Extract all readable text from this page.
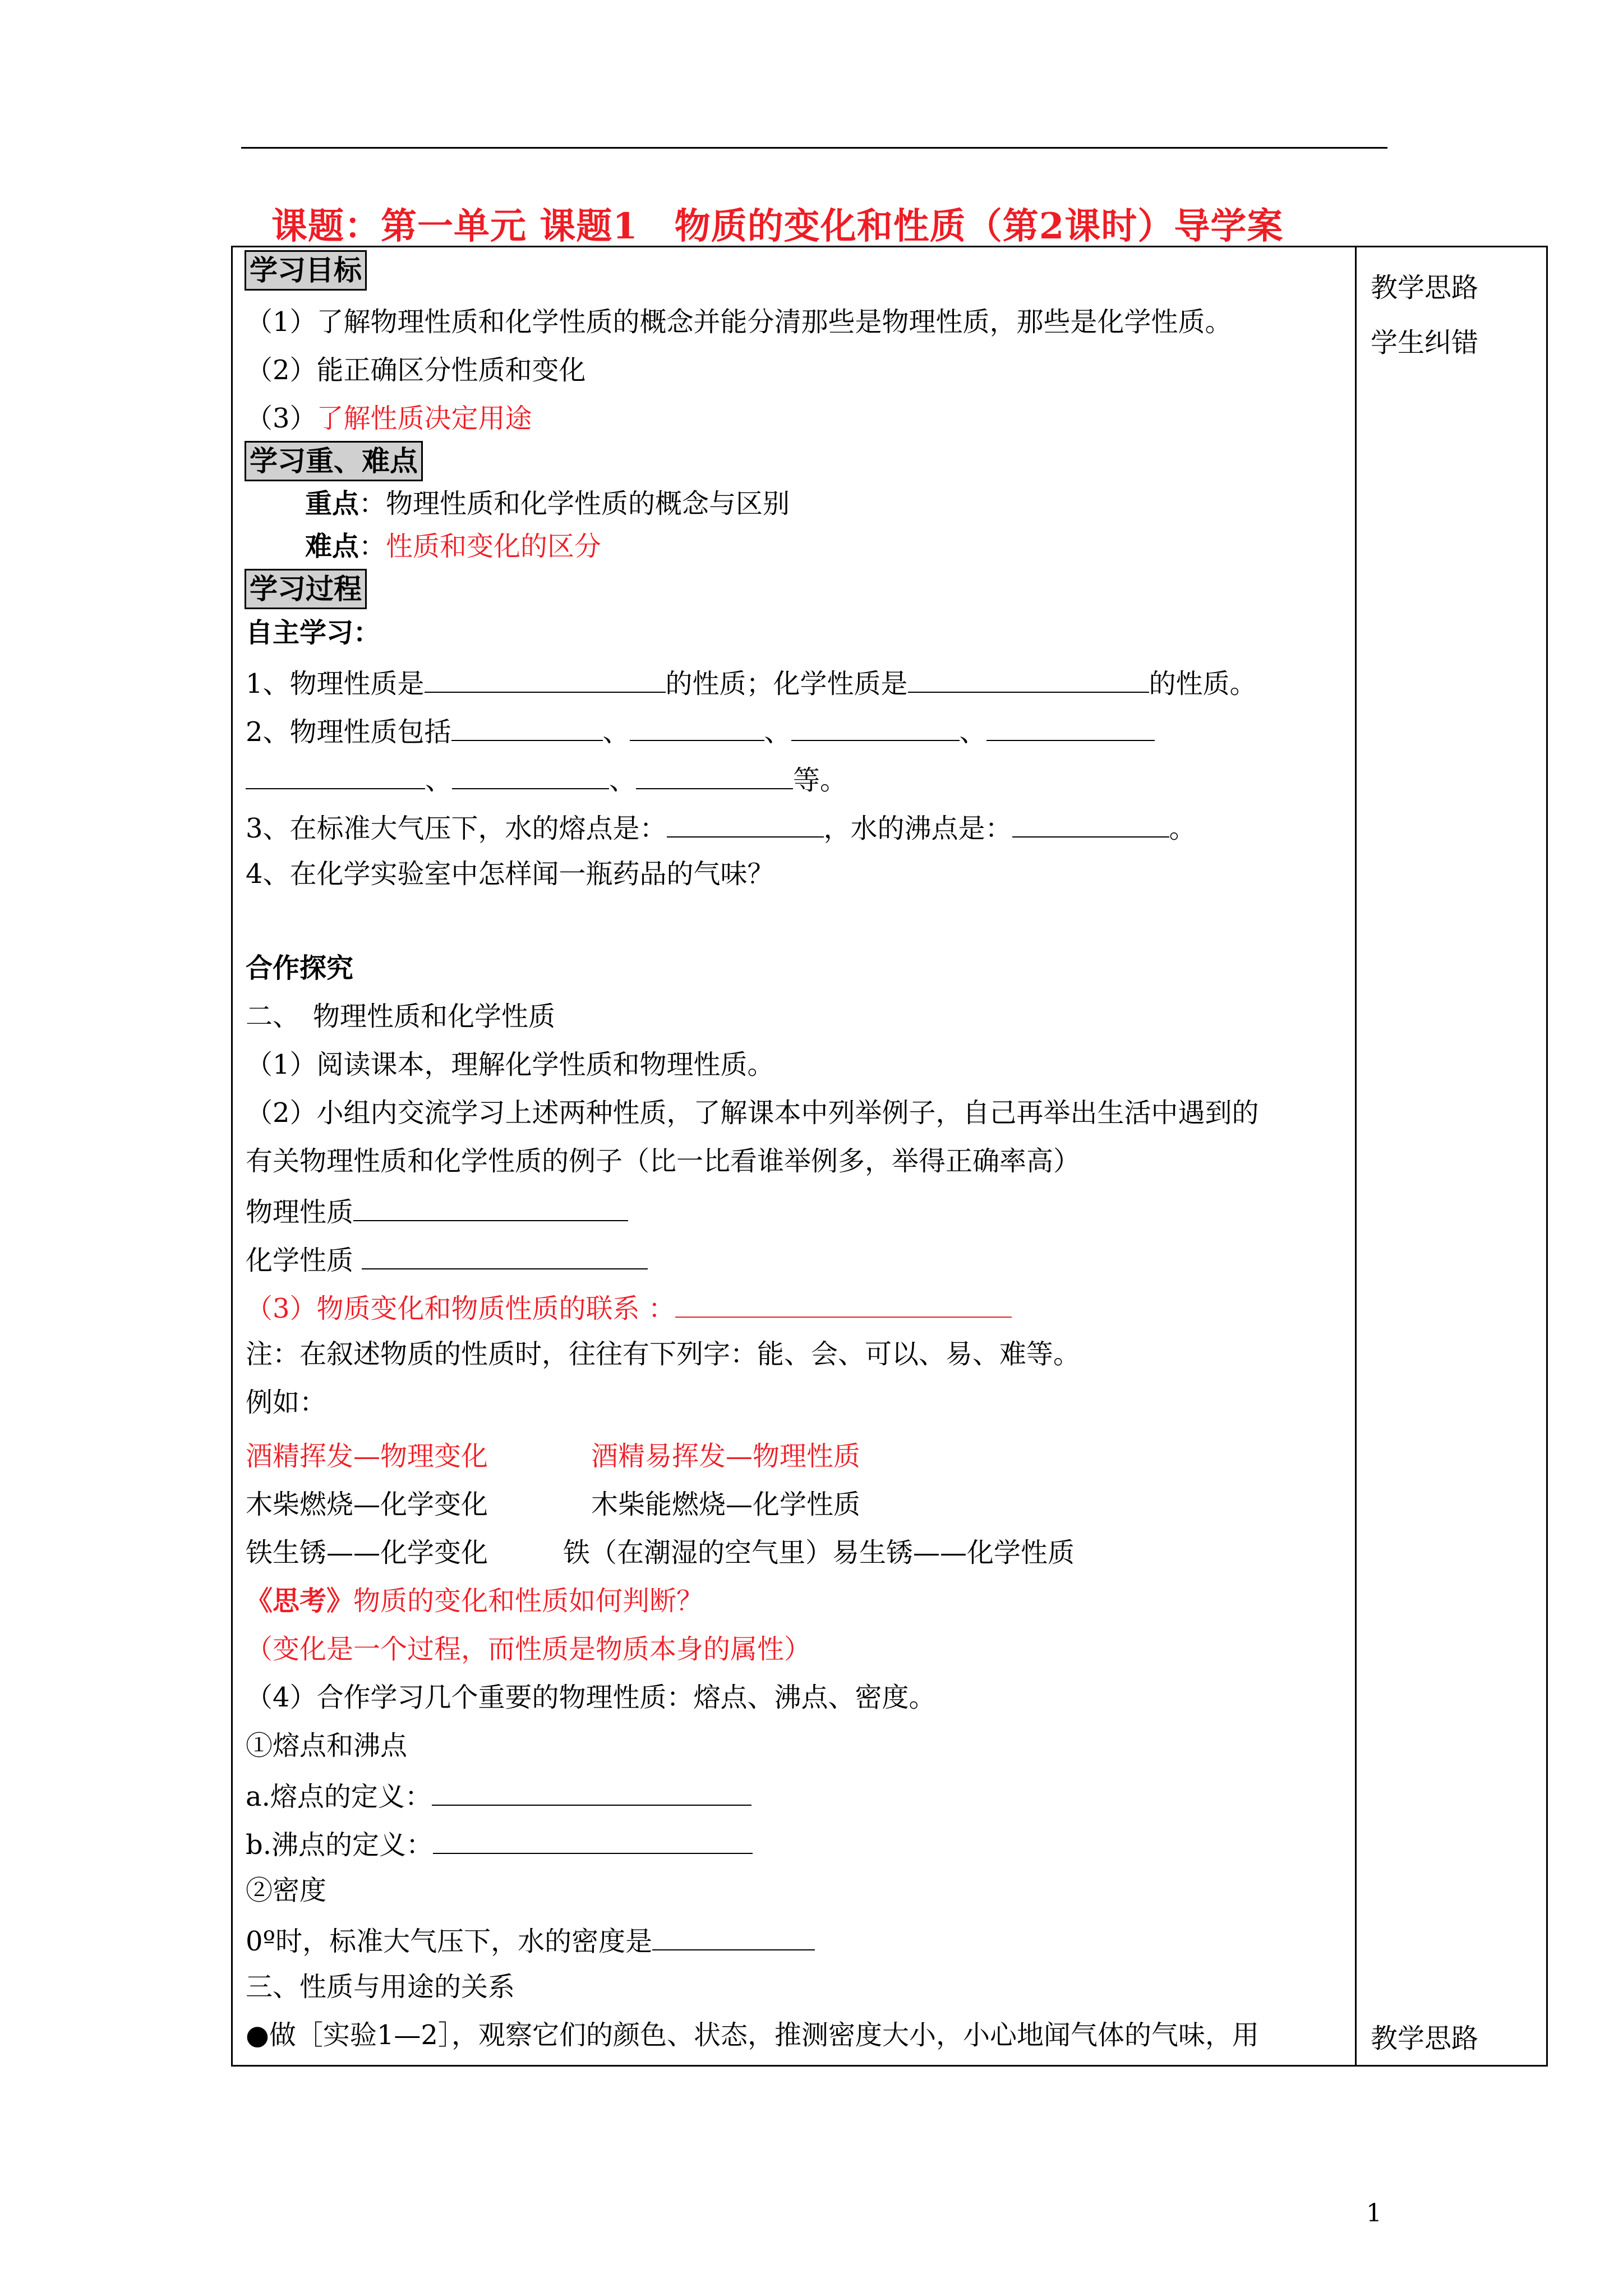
课题：第一单元 课题1　物质的变化和性质（第2课时）导学案
教学思路
学生纠错
教学思路
学习目标
（1）了解物理性质和化学性质的概念并能分清那些是物理性质，那些是化学性质。
（2）能正确区分性质和变化
（3）了解性质决定用途
学习重、难点
重点：物理性质和化学性质的概念与区别
难点：性质和变化的区分
学习过程
自主学习：
1、物理性质是	的性质；化学性质是	的性质。
2、物理性质包括	、	、	、
、	、	等。
3、在标准大气压下，水的熔点是：	，水的沸点是：	。
4、在化学实验室中怎样闻一瓶药品的气味？
合作探究
二、　物理性质和化学性质
（1）阅读课本，理解化学性质和物理性质。
（2）小组内交流学习上述两种性质，了解课本中列举例子，自己再举出生活中遇到的
有关物理性质和化学性质的例子（比一比看谁举例多，举得正确率高）
物理性质
化学性质
（3）物质变化和物质性质的联系 ：
注：在叙述物质的性质时，往往有下列字：能、会、可以、易、难等。
例如：
酒精挥发—物理变化	酒精易挥发—物理性质
木柴燃烧—化学变化	木柴能燃烧—化学性质
铁生锈——化学变化	铁（在潮湿的空气里）易生锈——化学性质
《思考》物质的变化和性质如何判断？
（变化是一个过程，而性质是物质本身的属性）
（4）合作学习几个重要的物理性质：熔点、沸点、密度。
①熔点和沸点
a.熔点的定义：
b.沸点的定义：
②密度
0º时，标准大气压下，水的密度是
三、性质与用途的关系
●做［实验1—2］，观察它们的颜色、状态，推测密度大小，小心地闻气体的气味，用
1
